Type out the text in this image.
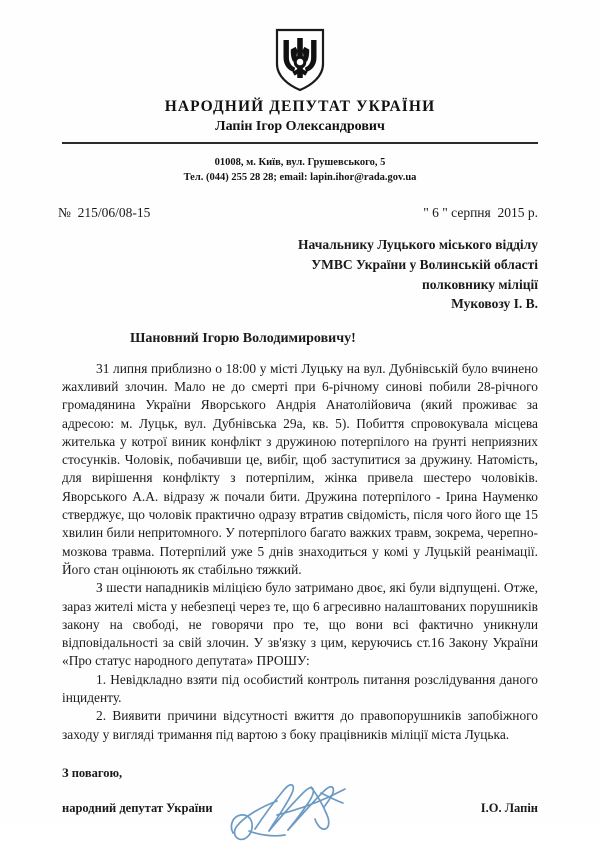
НАРОДНИЙ ДЕПУТАТ УКРАЇНИ
Лапін Ігор Олександрович
01008, м. Київ, вул. Грушевського, 5
Тел. (044) 255 28 28; email: lapin.ihor@rada.gov.ua
№  215/06/08-15	" 6 " серпня  2015 р.
Начальнику Луцького міського відділу
УМВС України у Волинській області
полковнику міліції
Муковозу І. В.
Шановний Ігорю Володимировичу!

31 липня приблизно о 18:00 у місті Луцьку на вул. Дубнівській було вчинено жахливий злочин. Мало не до смерті при 6-річному синові побили 28-річного громадянина України Яворського Андрія Анатолійовича (який проживає за адресою: м. Луцьк, вул. Дубнівська 29а, кв. 5). Побиття спровокувала місцева жителька у котрої виник конфлікт з дружиною потерпілого на ґрунті неприязних стосунків. Чоловік, побачивши це, вибіг, щоб заступитися за дружину. Натомість, для вирішення конфлікту з потерпілим, жінка привела шестеро чоловіків. Яворського А.А. відразу ж почали бити. Дружина потерпілого - Ірина Науменко стверджує, що чоловік практично одразу втратив свідомість, після чого його ще 15 хвилин били непритомного. У потерпілого багато важких травм, зокрема, черепно-мозкова травма. Потерпілий уже 5 днів знаходиться у комі у Луцькій реанімації. Його стан оцінюють як стабільно тяжкий.

З шести нападників міліцією було затримано двоє, які були відпущені. Отже, зараз жителі міста у небезпеці через те, що 6 агресивно налаштованих порушників закону на свободі, не говорячи про те, що вони всі фактично уникнули відповідальності за свій злочин. У зв'язку з цим, керуючись ст.16 Закону України «Про статус народного депутата» ПРОШУ:

1. Невідкладно взяти під особистий контроль питання розслідування даного інциденту.

2. Виявити причини відсутності вжиття до правопорушників запобіжного заходу у вигляді тримання під вартою з боку працівників міліції міста Луцька.

З повагою,
народний депутат України	І.О. Лапін
